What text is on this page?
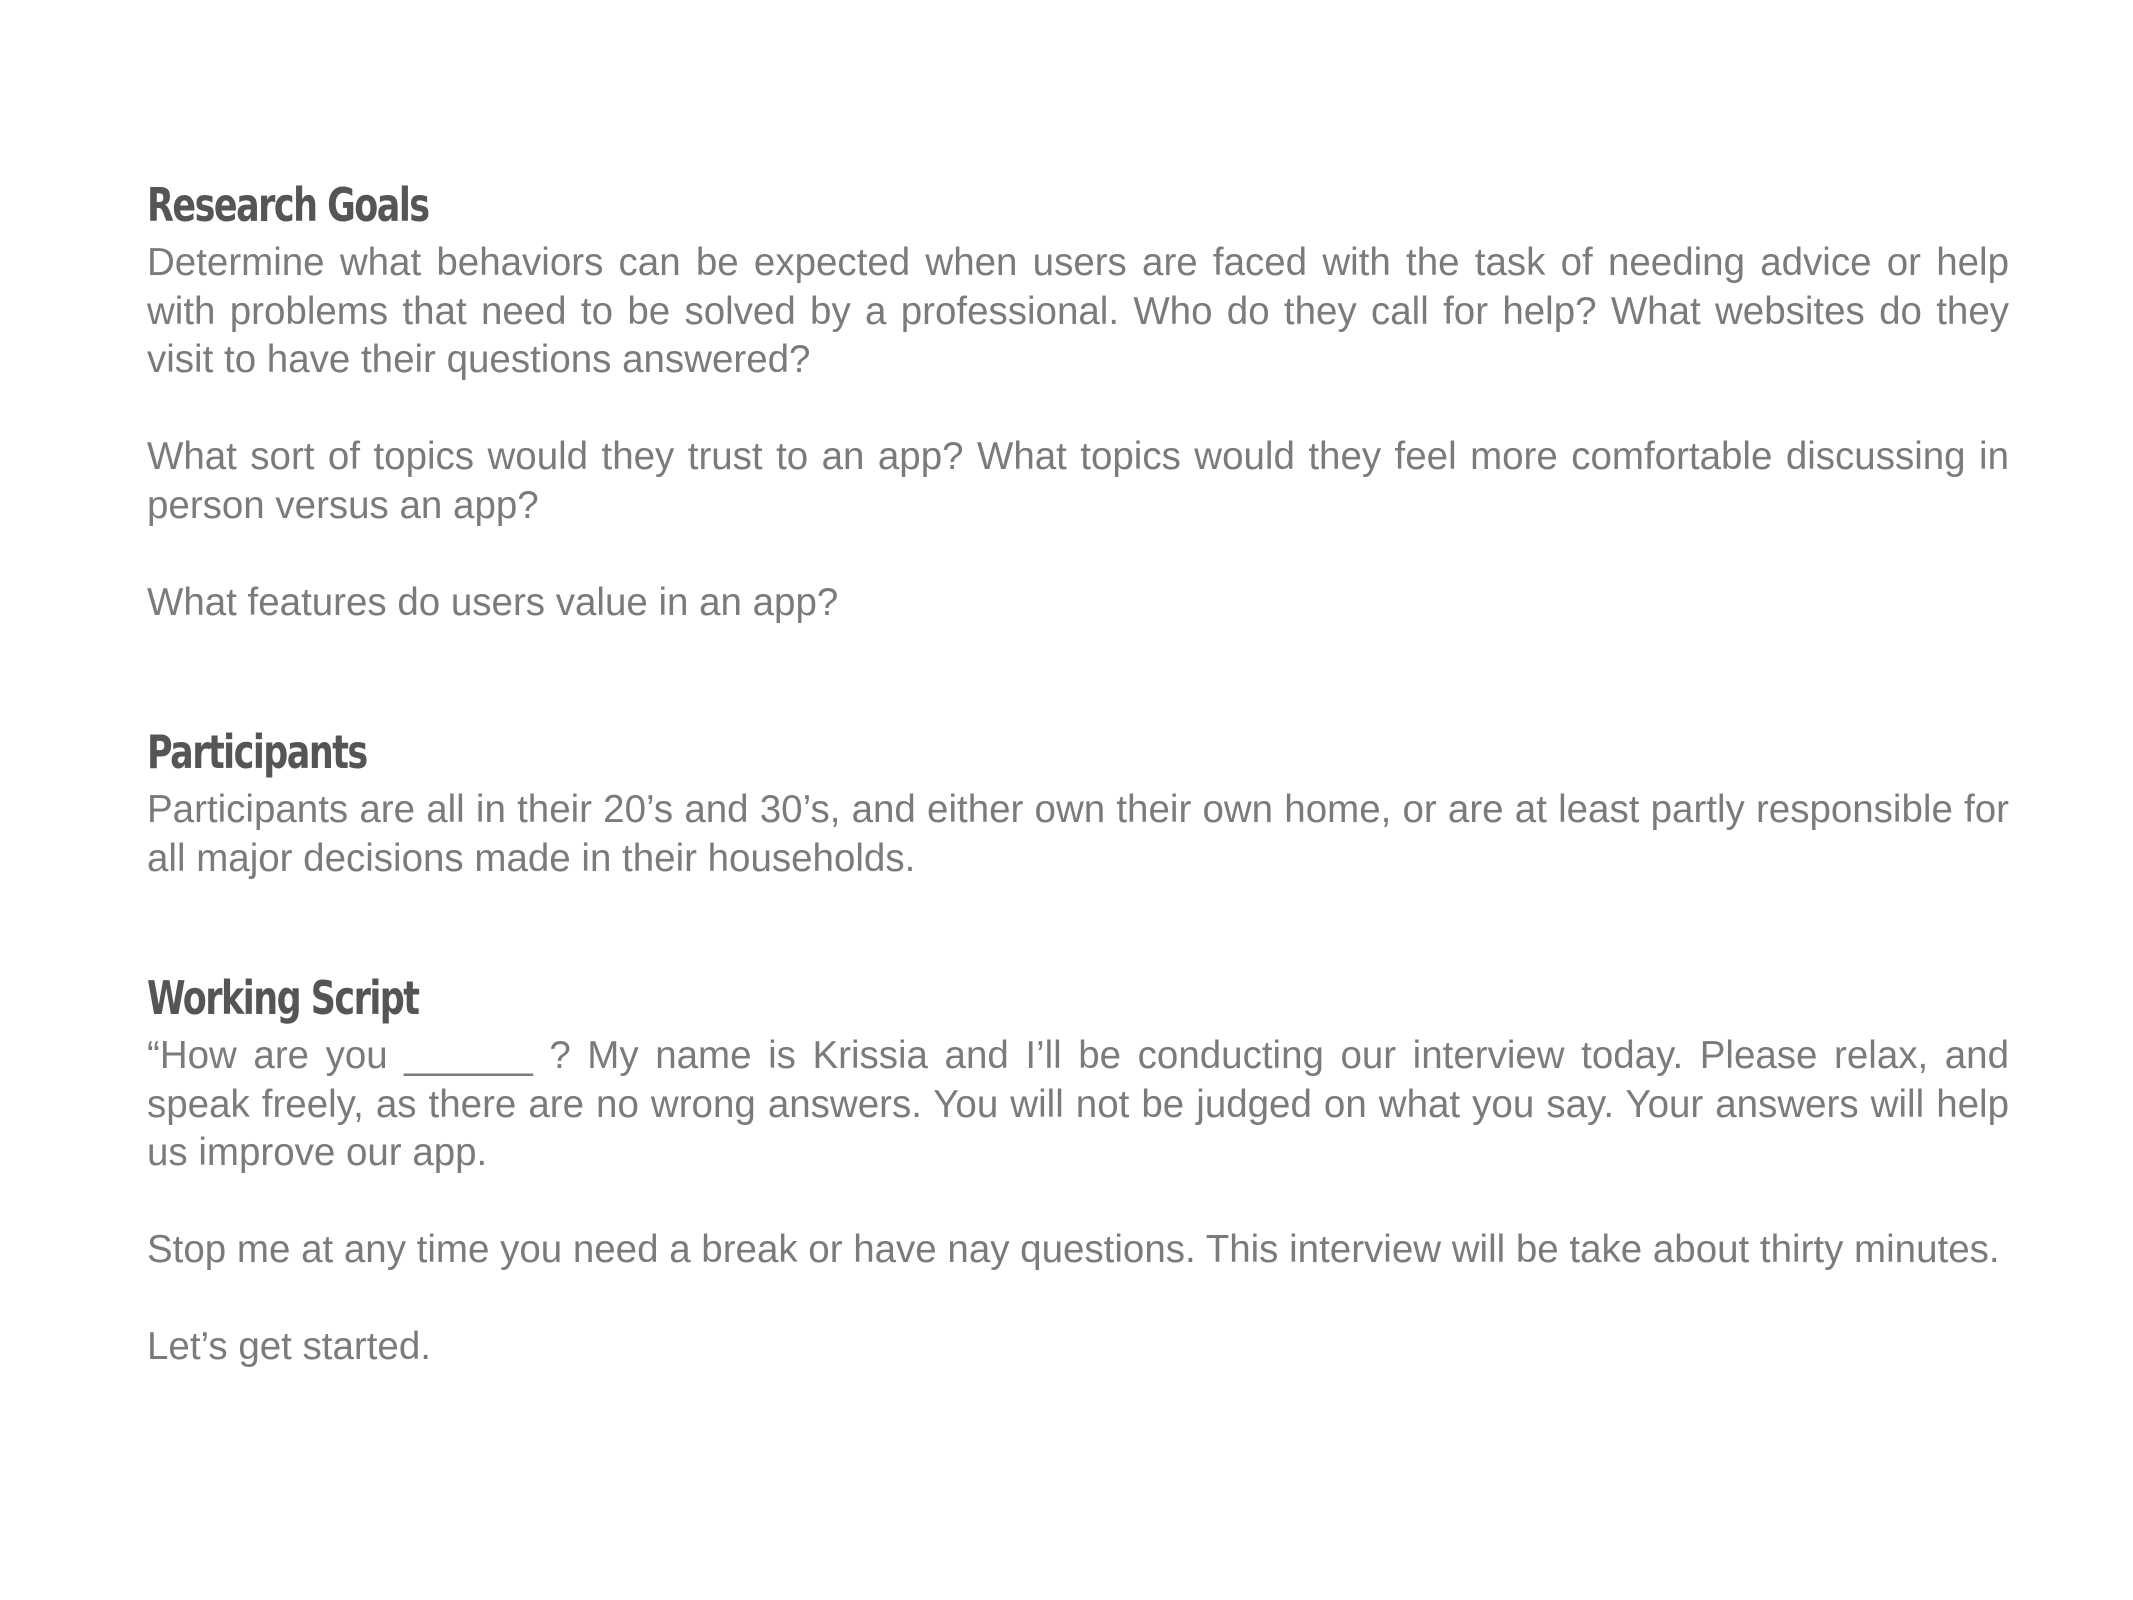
Research Goals

Determine what behaviors can be expected when users are faced with the task of needing advice or help with problems that need to be solved by a professional. Who do they call for help? What websites do they visit to have their questions answered?

What sort of topics would they trust to an app? What topics would they feel more comfortable discussing in person versus an app?

What features do users value in an app?

Participants

Participants are all in their 20’s and 30’s, and either own their own home, or are at least partly responsible for all major decisions made in their households.

Working Script

“How are you ______ ? My name is Krissia and I’ll be conducting our interview today. Please relax, and speak freely, as there are no wrong answers. You will not be judged on what you say. Your answers will help us improve our app.

Stop me at any time you need a break or have nay questions. This interview will be take about thirty minutes.

Let’s get started.
